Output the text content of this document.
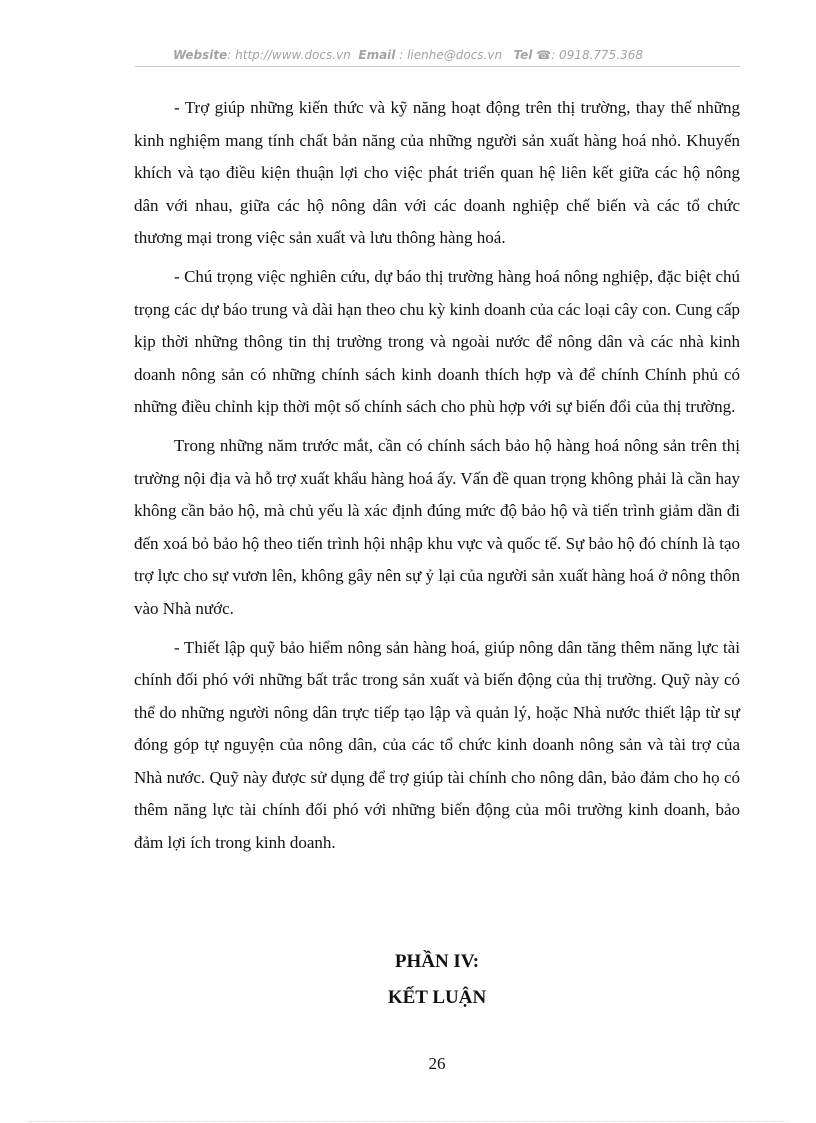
Website: http://www.docs.vn Email : lienhe@docs.vn Tel ☎: 0918.775.368

- Trợ giúp những kiến thức và kỹ năng hoạt động trên thị trường, thay thế những kinh nghiệm mang tính chất bản năng của những người sản xuất hàng hoá nhỏ. Khuyến khích và tạo điều kiện thuận lợi cho việc phát triển quan hệ liên kết giữa các hộ nông dân với nhau, giữa các hộ nông dân với các doanh nghiệp chế biến và các tổ chức thương mại trong việc sản xuất và lưu thông hàng hoá.

- Chú trọng việc nghiên cứu, dự báo thị trường hàng hoá nông nghiệp, đặc biệt chú trọng các dự báo trung và dài hạn theo chu kỳ kinh doanh của các loại cây con. Cung cấp kịp thời những thông tin thị trường trong và ngoài nước để nông dân và các nhà kinh doanh nông sản có những chính sách kinh doanh thích hợp và để chính Chính phủ có những điều chỉnh kịp thời một số chính sách cho phù hợp với sự biến đổi của thị trường.

Trong những năm trước mắt, cần có chính sách bảo hộ hàng hoá nông sản trên thị trường nội địa và hỗ trợ xuất khẩu hàng hoá ấy. Vấn đề quan trọng không phải là cần hay không cần bảo hộ, mà chủ yếu là xác định đúng mức độ bảo hộ và tiến trình giảm dần đi đến xoá bỏ bảo hộ theo tiến trình hội nhập khu vực và quốc tế. Sự bảo hộ đó chính là tạo trợ lực cho sự vươn lên, không gây nên sự ỷ lại của người sản xuất hàng hoá ở nông thôn vào Nhà nước.

- Thiết lập quỹ bảo hiểm nông sản hàng hoá, giúp nông dân tăng thêm năng lực tài chính đối phó với những bất trắc trong sản xuất và biến động của thị trường. Quỹ này có thể do những người nông dân trực tiếp tạo lập và quản lý, hoặc Nhà nước thiết lập từ sự đóng góp tự nguyện của nông dân, của các tổ chức kinh doanh nông sản và tài trợ của Nhà nước. Quỹ này được sử dụng để trợ giúp tài chính cho nông dân, bảo đảm cho họ có thêm năng lực tài chính đối phó với những biến động của môi trường kinh doanh, bảo đảm lợi ích trong kinh doanh.

PHẦN IV:
KẾT LUẬN
26
